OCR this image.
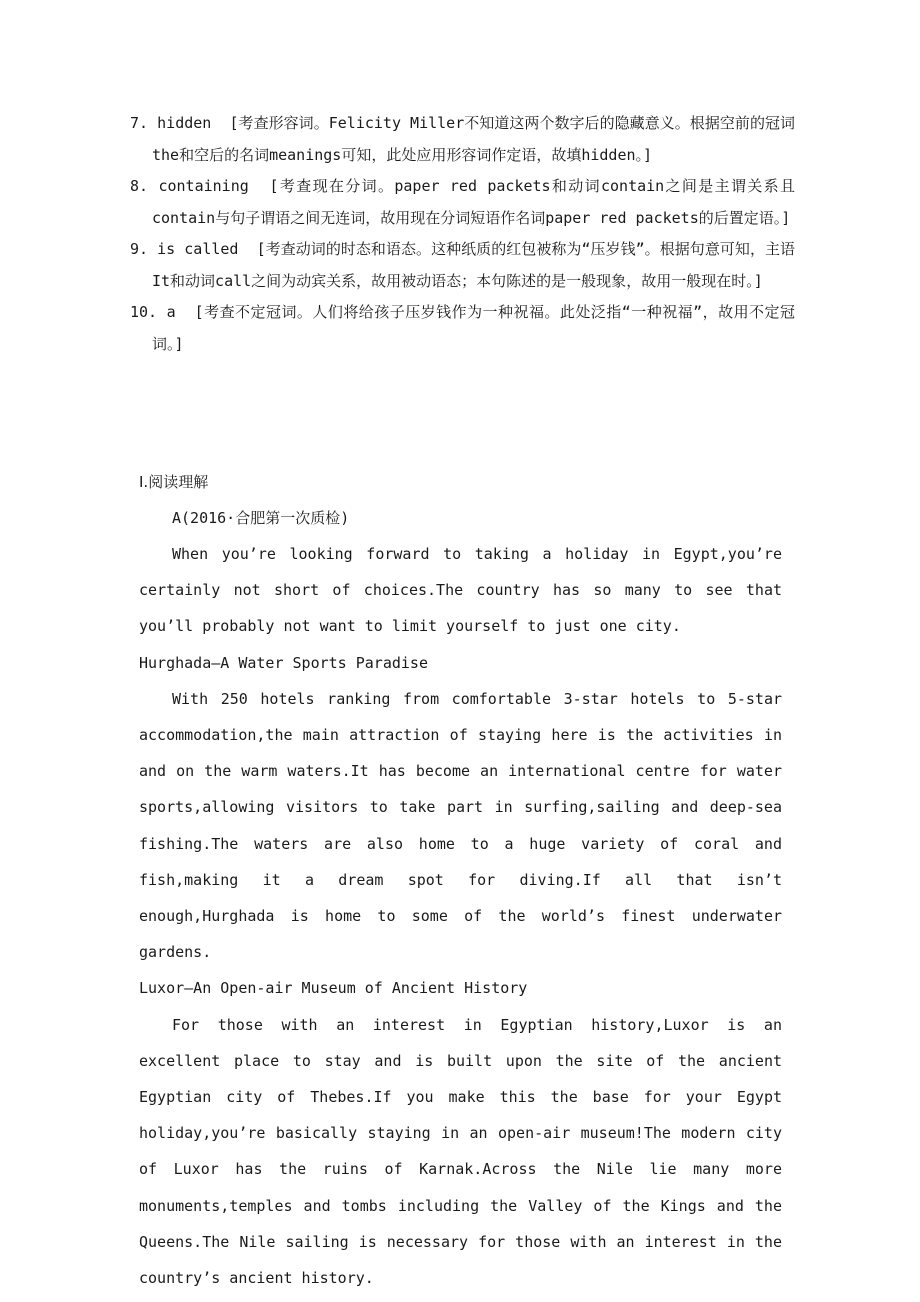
7. hidden [考查形容词。Felicity Miller不知道这两个数字后的隐藏意义。根据空前的冠词the和空后的名词meanings可知，此处应用形容词作定语，故填hidden。]
8. containing [考查现在分词。paper red packets和动词contain之间是主谓关系且contain与句子谓语之间无连词，故用现在分词短语作名词paper red packets的后置定语。]
9. is called [考查动词的时态和语态。这种纸质的红包被称为“压岁钱”。根据句意可知，主语It和动词call之间为动宾关系，故用被动语态；本句陈述的是一般现象，故用一般现在时。]
10. a [考查不定冠词。人们将给孩子压岁钱作为一种祝福。此处泛指“一种祝福”，故用不定冠词。]
Ⅰ.阅读理解
A(2016·合肥第一次质检)

When you’re looking forward to taking a holiday in Egypt,you’re certainly not short of choices.The country has so many to see that you’ll probably not want to limit yourself to just one city.

Hurghada—A Water Sports Paradise

With 250 hotels ranking from comfortable 3-star hotels to 5-star accommodation,the main attraction of staying here is the activities in and on the warm waters.It has become an international centre for water sports,allowing visitors to take part in surfing,sailing and deep-sea fishing.The waters are also home to a huge variety of coral and fish,making it a dream spot for diving.If all that isn’t enough,Hurghada is home to some of the world’s finest underwater gardens.

Luxor—An Open-air Museum of Ancient History

For those with an interest in Egyptian history,Luxor is an excellent place to stay and is built upon the site of the ancient Egyptian city of Thebes.If you make this the base for your Egypt holiday,you’re basically staying in an open-air museum!The modern city of Luxor has the ruins of Karnak.Across the Nile lie many more monuments,temples and tombs including the Valley of the Kings and the Queens.The Nile sailing is necessary for those with an interest in the country’s ancient history.
